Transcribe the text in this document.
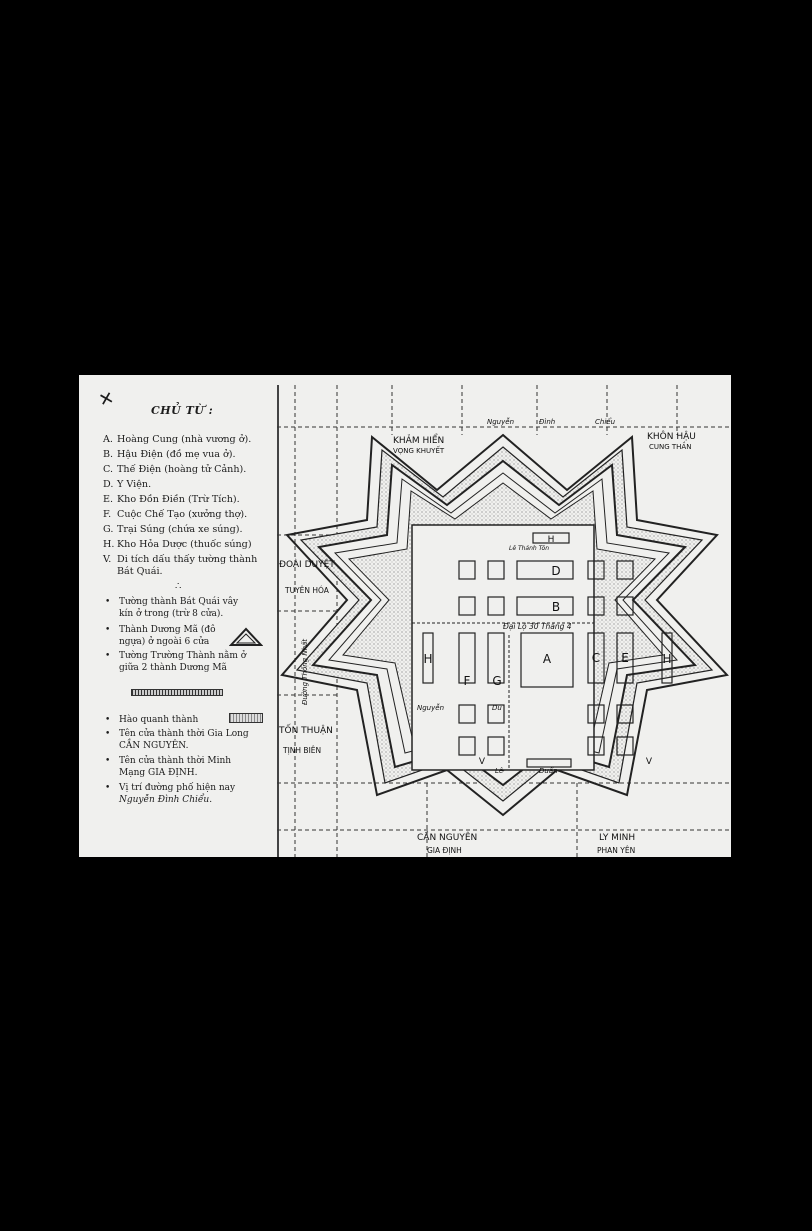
✕	CHỦ TỪ :
A. Hoàng Cung (nhà vương ở).
B. Hậu Điện (đồ mẹ vua ở).
C. Thế Điện (hoàng tử Cảnh).
D. Y Viện.
E. Kho Đồn Điền (Trừ Tích).
F. Cuộc Chế Tạo (xưởng thợ).
G. Trại Súng (chứa xe súng).
H. Kho Hỏa Dược (thuốc súng)
V. Di tích dấu thấy tường thành
Bát Quái.
∴
• Tường thành Bát Quái vây
kín ở trong (trừ 8 cửa).
• Thành Dương Mã (đô
ngựa) ở ngoài 6 cửa
• Tường Trường Thành nằm ở
giữa 2 thành Dương Mã
• Hào quanh thành
• Tên cửa thành thời Gia Long
CẦN NGUYÊN.
• Tên cửa thành thời Minh
Mạng GIA ĐỊNH.
• Vị trí đường phố hiện nay
Nguyễn Đình Chiểu.
D
B
A	C E
F G
H	H
H
V	V
KHẢM HIỂN
VỌNG KHUYẾT
KHÔN HẬU
CUNG THẦN
ĐOÀI DUYỆT
TUYÊN HÓA
TỐN THUẬN
TỊNH BIÊN
CẦN NGUYÊN
GIA ĐỊNH
LY MINH
PHAN YÊN
Nguyễn	Đình	Chiểu
Đại Lộ 30 Tháng 4
Đường Thống Nhất
Nguyễn	Du
Lê	Duẩn
Lê Thánh Tôn
